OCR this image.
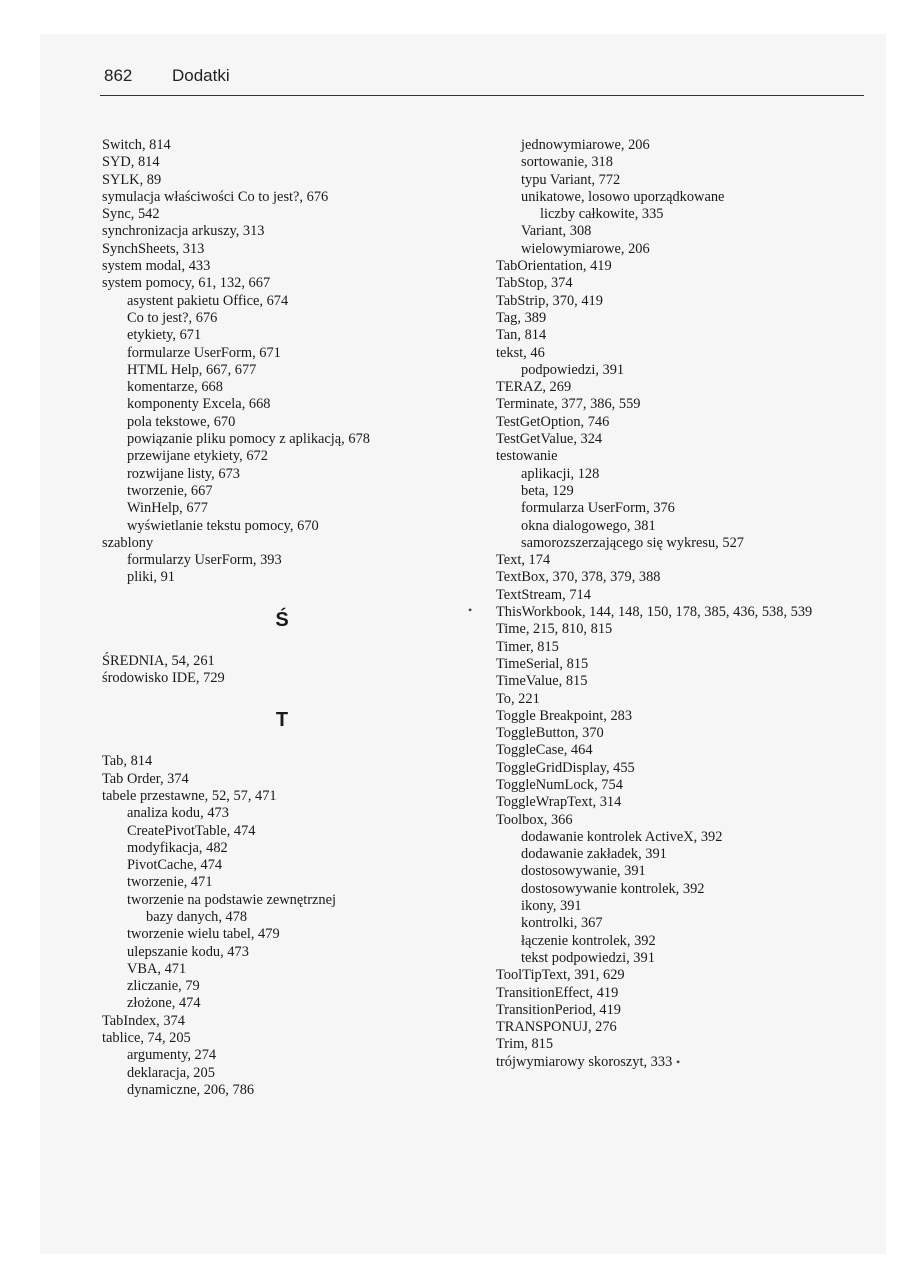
862 Dodatki
Switch, 814
SYD, 814
SYLK, 89
symulacja właściwości Co to jest?, 676
Sync, 542
synchronizacja arkuszy, 313
SynchSheets, 313
system modal, 433
system pomocy, 61, 132, 667
asystent pakietu Office, 674
Co to jest?, 676
etykiety, 671
formularze UserForm, 671
HTML Help, 667, 677
komentarze, 668
komponenty Excela, 668
pola tekstowe, 670
powiązanie pliku pomocy z aplikacją, 678
przewijane etykiety, 672
rozwijane listy, 673
tworzenie, 667
WinHelp, 677
wyświetlanie tekstu pomocy, 670
szablony
formularzy UserForm, 393
pliki, 91
Ś
ŚREDNIA, 54, 261
środowisko IDE, 729
T
Tab, 814
Tab Order, 374
tabele przestawne, 52, 57, 471
analiza kodu, 473
CreatePivotTable, 474
modyfikacja, 482
PivotCache, 474
tworzenie, 471
tworzenie na podstawie zewnętrznej
bazy danych, 478
tworzenie wielu tabel, 479
ulepszanie kodu, 473
VBA, 471
zliczanie, 79
złożone, 474
TabIndex, 374
tablice, 74, 205
argumenty, 274
deklaracja, 205
dynamiczne, 206, 786
jednowymiarowe, 206
sortowanie, 318
typu Variant, 772
unikatowe, losowo uporządkowane
liczby całkowite, 335
Variant, 308
wielowymiarowe, 206
TabOrientation, 419
TabStop, 374
TabStrip, 370, 419
Tag, 389
Tan, 814
tekst, 46
podpowiedzi, 391
TERAZ, 269
Terminate, 377, 386, 559
TestGetOption, 746
TestGetValue, 324
testowanie
aplikacji, 128
beta, 129
formularza UserForm, 376
okna dialogowego, 381
samorozszerzającego się wykresu, 527
Text, 174
TextBox, 370, 378, 379, 388
TextStream, 714
ThisWorkbook, 144, 148, 150, 178, 385, 436, 538, 539
Time, 215, 810, 815
Timer, 815
TimeSerial, 815
TimeValue, 815
To, 221
Toggle Breakpoint, 283
ToggleButton, 370
ToggleCase, 464
ToggleGridDisplay, 455
ToggleNumLock, 754
ToggleWrapText, 314
Toolbox, 366
dodawanie kontrolek ActiveX, 392
dodawanie zakładek, 391
dostosowywanie, 391
dostosowywanie kontrolek, 392
ikony, 391
kontrolki, 367
łączenie kontrolek, 392
tekst podpowiedzi, 391
ToolTipText, 391, 629
TransitionEffect, 419
TransitionPeriod, 419
TRANSPONUJ, 276
Trim, 815
trójwymiarowy skoroszyt, 333
•
•
